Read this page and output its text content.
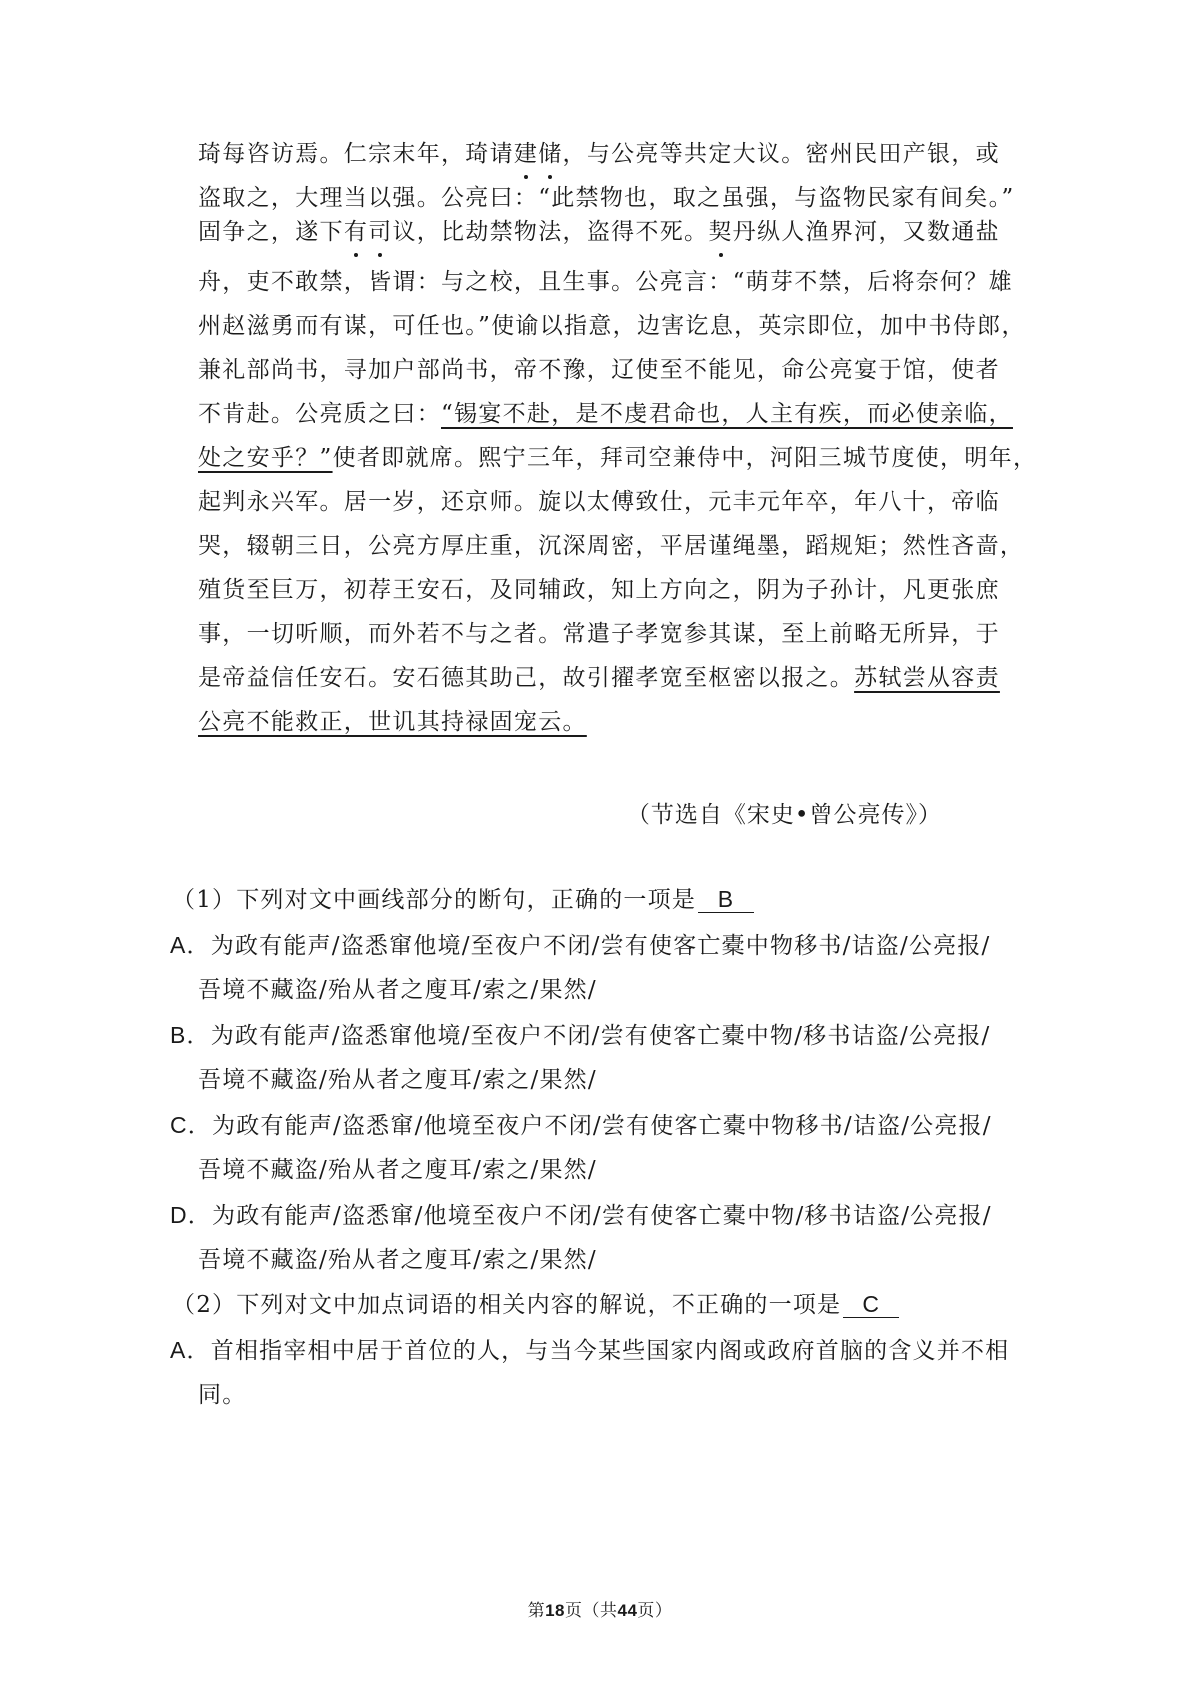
琦每咨访焉。仁宗末年，琦请建储，与公亮等共定大议。密州民田产银，或
盗取之，大理当以强。公亮曰：“此禁物也，取之虽强，与盗物民家有间矣。”
固争之，遂下有司议，比劫禁物法，盗得不死。契丹纵人渔界河，又数通盐
舟，吏不敢禁，皆谓：与之校，且生事。公亮言：“萌芽不禁，后将奈何？雄
州赵滋勇而有谋，可任也。”使谕以指意，边害讫息，英宗即位，加中书侍郎，
兼礼部尚书，寻加户部尚书，帝不豫，辽使至不能见，命公亮宴于馆，使者
不肯赴。公亮质之曰：“锡宴不赴，是不虔君命也，人主有疾，而必使亲临，
处之安乎？”使者即就席。熙宁三年，拜司空兼侍中，河阳三城节度使，明年，
起判永兴军。居一岁，还京师。旋以太傅致仕，元丰元年卒，年八十，帝临
哭，辍朝三日，公亮方厚庄重，沉深周密，平居谨绳墨，蹈规矩；然性吝啬，
殖货至巨万，初荐王安石，及同辅政，知上方向之，阴为子孙计，凡更张庶
事，一切听顺，而外若不与之者。常遣子孝宽参其谋，至上前略无所异，于
是帝益信任安石。安石德其助己，故引擢孝宽至枢密以报之。苏轼尝从容责
公亮不能救正，世讥其持禄固宠云。
（节选自《宋史•曾公亮传》）
（1）下列对文中画线部分的断句，正确的一项是 B
A．为政有能声/盗悉窜他境/至夜户不闭/尝有使客亡橐中物移书/诘盗/公亮报/
吾境不藏盗/殆从者之廋耳/索之/果然/
B．为政有能声/盗悉窜他境/至夜户不闭/尝有使客亡橐中物/移书诘盗/公亮报/
吾境不藏盗/殆从者之廋耳/索之/果然/
C．为政有能声/盗悉窜/他境至夜户不闭/尝有使客亡橐中物移书/诘盗/公亮报/
吾境不藏盗/殆从者之廋耳/索之/果然/
D．为政有能声/盗悉窜/他境至夜户不闭/尝有使客亡橐中物/移书诘盗/公亮报/
吾境不藏盗/殆从者之廋耳/索之/果然/
（2）下列对文中加点词语的相关内容的解说，不正确的一项是 C
A．首相指宰相中居于首位的人，与当今某些国家内阁或政府首脑的含义并不相
同。
第18页（共44页）
